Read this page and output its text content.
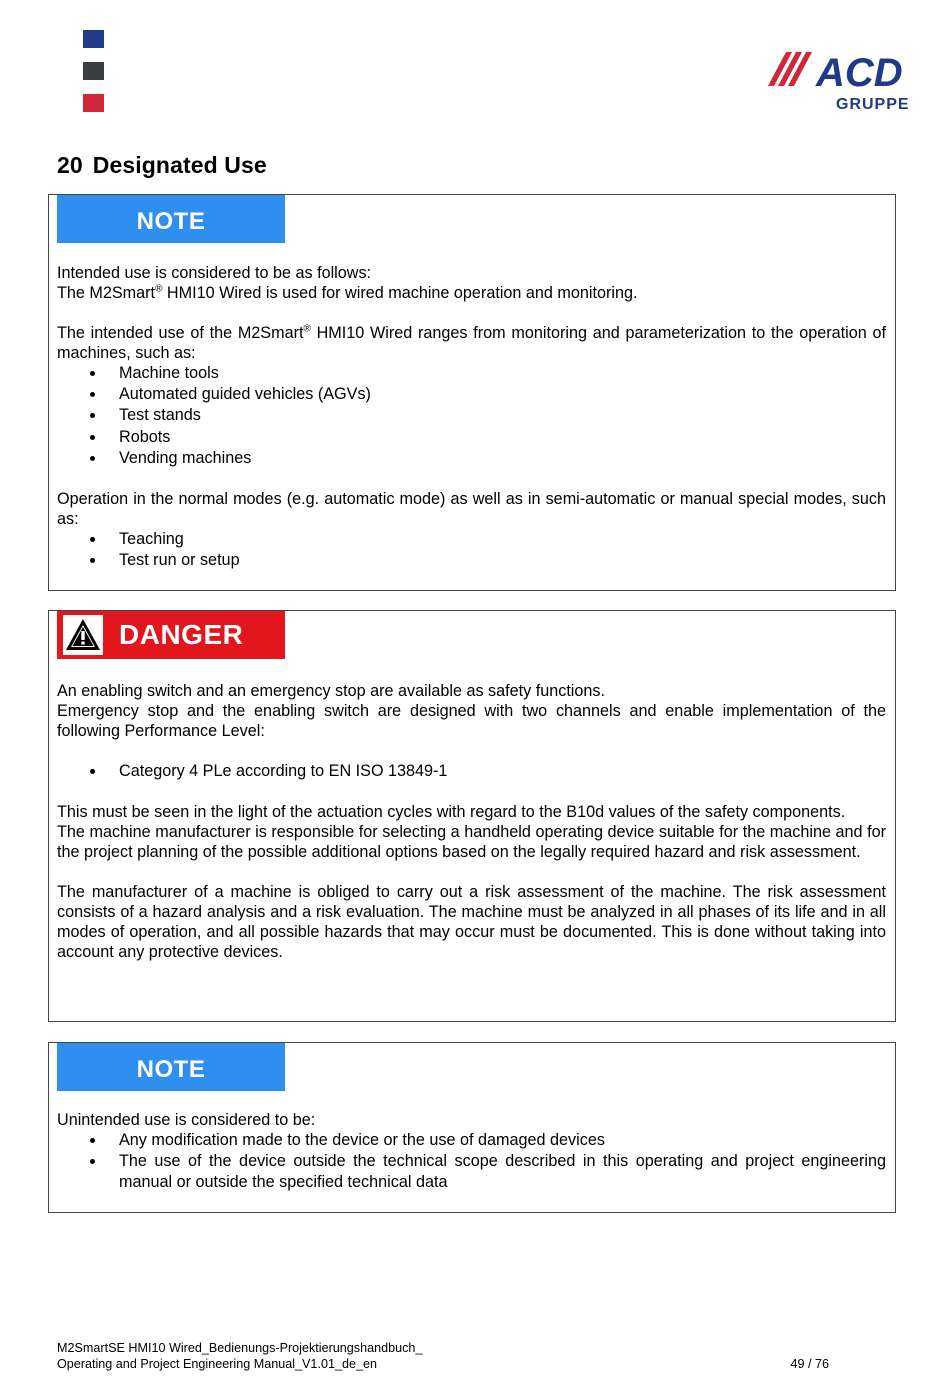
ACD
GRUPPE
20 Designated Use
NOTE

Intended use is considered to be as follows:

The M2Smart® HMI10 Wired is used for wired machine operation and monitoring.

The intended use of the M2Smart® HMI10 Wired ranges from monitoring and parameterization to the operation of machines, such as:

Machine tools
Automated guided vehicles (AGVs)
Test stands
Robots
Vending machines

Operation in the normal modes (e.g. automatic mode) as well as in semi-automatic or manual special modes, such as:

Teaching
Test run or setup
DANGER

An enabling switch and an emergency stop are available as safety functions.

Emergency stop and the enabling switch are designed with two channels and enable implementation of the following Performance Level:

Category 4 PLe according to EN ISO 13849-1

This must be seen in the light of the actuation cycles with regard to the B10d values of the safety components.

The machine manufacturer is responsible for selecting a handheld operating device suitable for the machine and for the project planning of the possible additional options based on the legally required hazard and risk assessment.

The manufacturer of a machine is obliged to carry out a risk assessment of the machine. The risk assessment consists of a hazard analysis and a risk evaluation. The machine must be analyzed in all phases of its life and in all modes of operation, and all possible hazards that may occur must be documented. This is done without taking into account any protective devices.

NOTE

Unintended use is considered to be:

Any modification made to the device or the use of damaged devices
The use of the device outside the technical scope described in this operating and project engineering manual or outside the specified technical data
M2SmartSE HMI10 Wired_Bedienungs-Projektierungshandbuch_
Operating and Project Engineering Manual_V1.01_de_en	49 / 76
